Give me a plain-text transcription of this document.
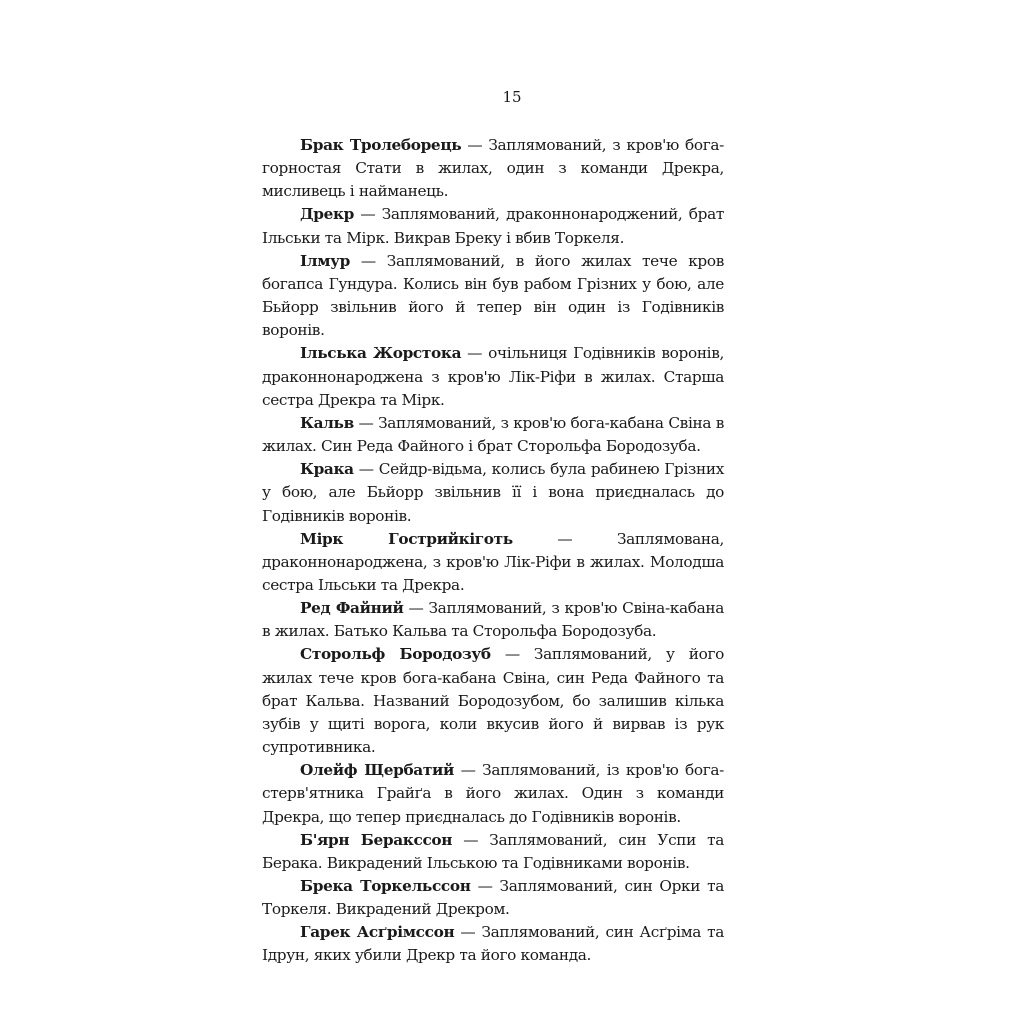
15

Брак Тролеборець — Заплямований, з кров'ю бога-горностая Стати в жилах, один з команди Дрекра, мисливець і найманець.

Дрекр — Заплямований, драконнонароджений, брат Ільськи та Мірк. Викрав Бреку і вбив Торкеля.

Ілмур — Заплямований, в його жилах тече кров богапса Гундура. Колись він був рабом Грізних у бою, але Бьйорр звільнив його й тепер він один із Годівників воронів.

Ільська Жорстока — очільниця Годівників воронів, драконнонароджена з кров'ю Лік-Ріфи в жилах. Старша сестра Дрекра та Мірк.

Кальв — Заплямований, з кров'ю бога-кабана Свіна в жилах. Син Реда Файного і брат Сторольфа Бородозуба.

Крака — Сейдр-відьма, колись була рабинею Грізних у бою, але Бьйорр звільнив її і вона приєдналась до Годівників воронів.

Мірк Гострийкіготь — Заплямована, драконнонароджена, з кров'ю Лік-Ріфи в жилах. Молодша сестра Ільськи та Дрекра.

Ред Файний — Заплямований, з кров'ю Свіна-кабана в жилах. Батько Кальва та Сторольфа Бородозуба.

Сторольф Бородозуб — Заплямований, у його жилах тече кров бога-кабана Свіна, син Реда Файного та брат Кальва. Названий Бородозубом, бо залишив кілька зубів у щиті ворога, коли вкусив його й вирвав із рук супротивника.

Олейф Щербатий — Заплямований, із кров'ю бога-стерв'ятника Грайґа в його жилах. Один з команди Дрекра, що тепер приєдналась до Годівників воронів.

Б'ярн Бераксcон — Заплямований, син Успи та Берака. Викрадений Ільською та Годівниками воронів.

Брека Торкельссон — Заплямований, син Орки та Торкеля. Викрадений Дрекром.

Гарек Асґрімссон — Заплямований, син Асґріма та Ідрун, яких убили Дрекр та його команда.
